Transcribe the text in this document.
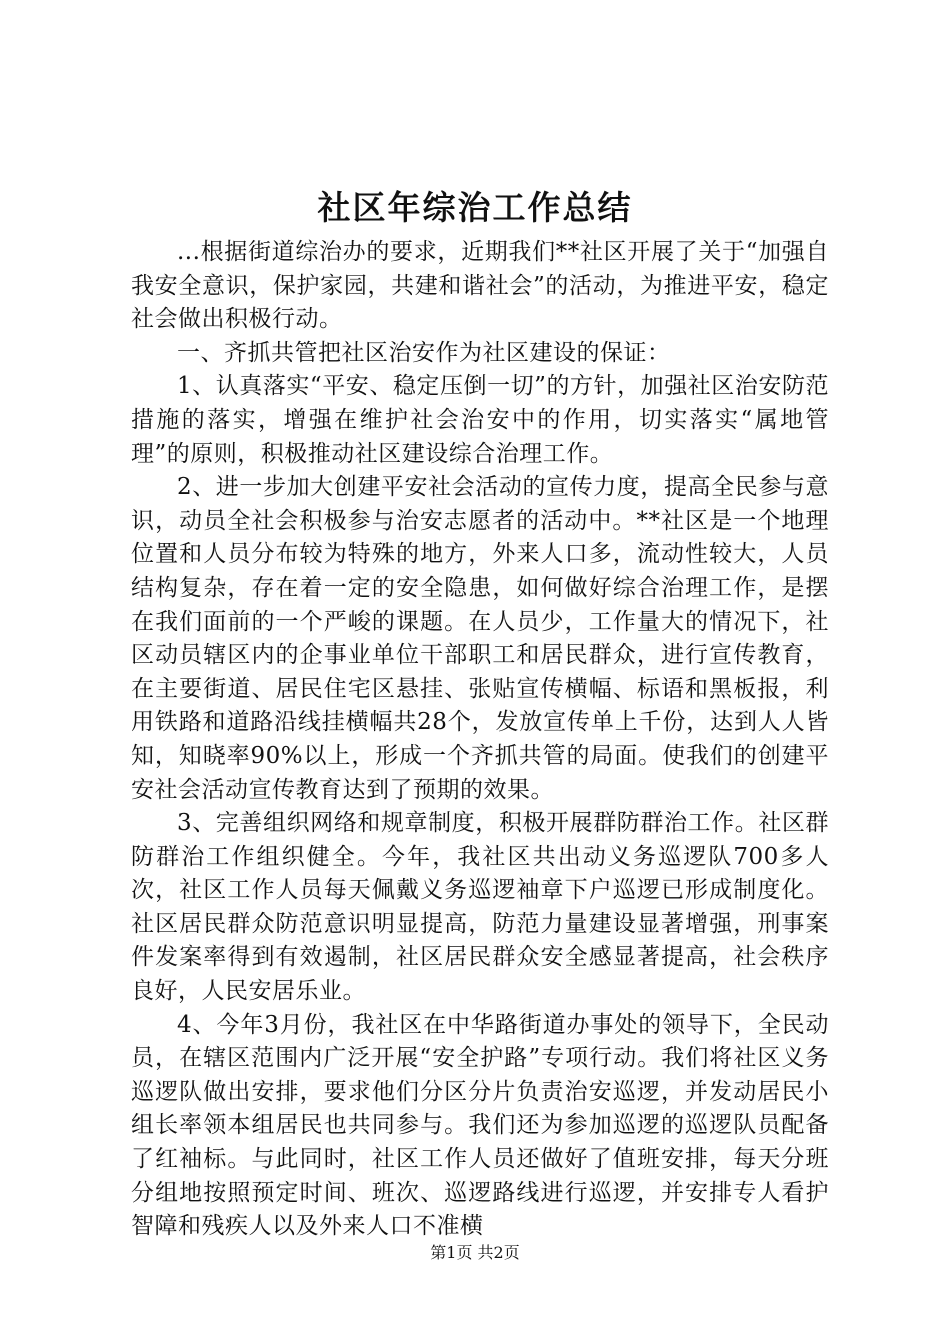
社区年综治工作总结

...根据街道综治办的要求，近期我们**社区开展了关于“加强自我安全意识，保护家园，共建和谐社会”的活动，为推进平安，稳定社会做出积极行动。

一、齐抓共管把社区治安作为社区建设的保证：

1、认真落实“平安、稳定压倒一切”的方针，加强社区治安防范措施的落实，增强在维护社会治安中的作用，切实落实“属地管理”的原则，积极推动社区建设综合治理工作。

2、进一步加大创建平安社会活动的宣传力度，提高全民参与意识，动员全社会积极参与治安志愿者的活动中。**社区是一个地理位置和人员分布较为特殊的地方，外来人口多，流动性较大，人员结构复杂，存在着一定的安全隐患，如何做好综合治理工作，是摆在我们面前的一个严峻的课题。在人员少，工作量大的情况下，社区动员辖区内的企事业单位干部职工和居民群众，进行宣传教育，在主要街道、居民住宅区悬挂、张贴宣传横幅、标语和黑板报，利用铁路和道路沿线挂横幅共28个，发放宣传单上千份，达到人人皆知，知晓率90%以上，形成一个齐抓共管的局面。使我们的创建平安社会活动宣传教育达到了预期的效果。

3、完善组织网络和规章制度，积极开展群防群治工作。社区群防群治工作组织健全。今年，我社区共出动义务巡逻队700多人次，社区工作人员每天佩戴义务巡逻袖章下户巡逻已形成制度化。社区居民群众防范意识明显提高，防范力量建设显著增强，刑事案件发案率得到有效遏制，社区居民群众安全感显著提高，社会秩序良好，人民安居乐业。

4、今年3月份，我社区在中华路街道办事处的领导下，全民动员，在辖区范围内广泛开展“安全护路”专项行动。我们将社区义务巡逻队做出安排，要求他们分区分片负责治安巡逻，并发动居民小组长率领本组居民也共同参与。我们还为参加巡逻的巡逻队员配备了红袖标。与此同时，社区工作人员还做好了值班安排，每天分班分组地按照预定时间、班次、巡逻路线进行巡逻，并安排专人看护智障和残疾人以及外来人口不准横

第1页 共2页
